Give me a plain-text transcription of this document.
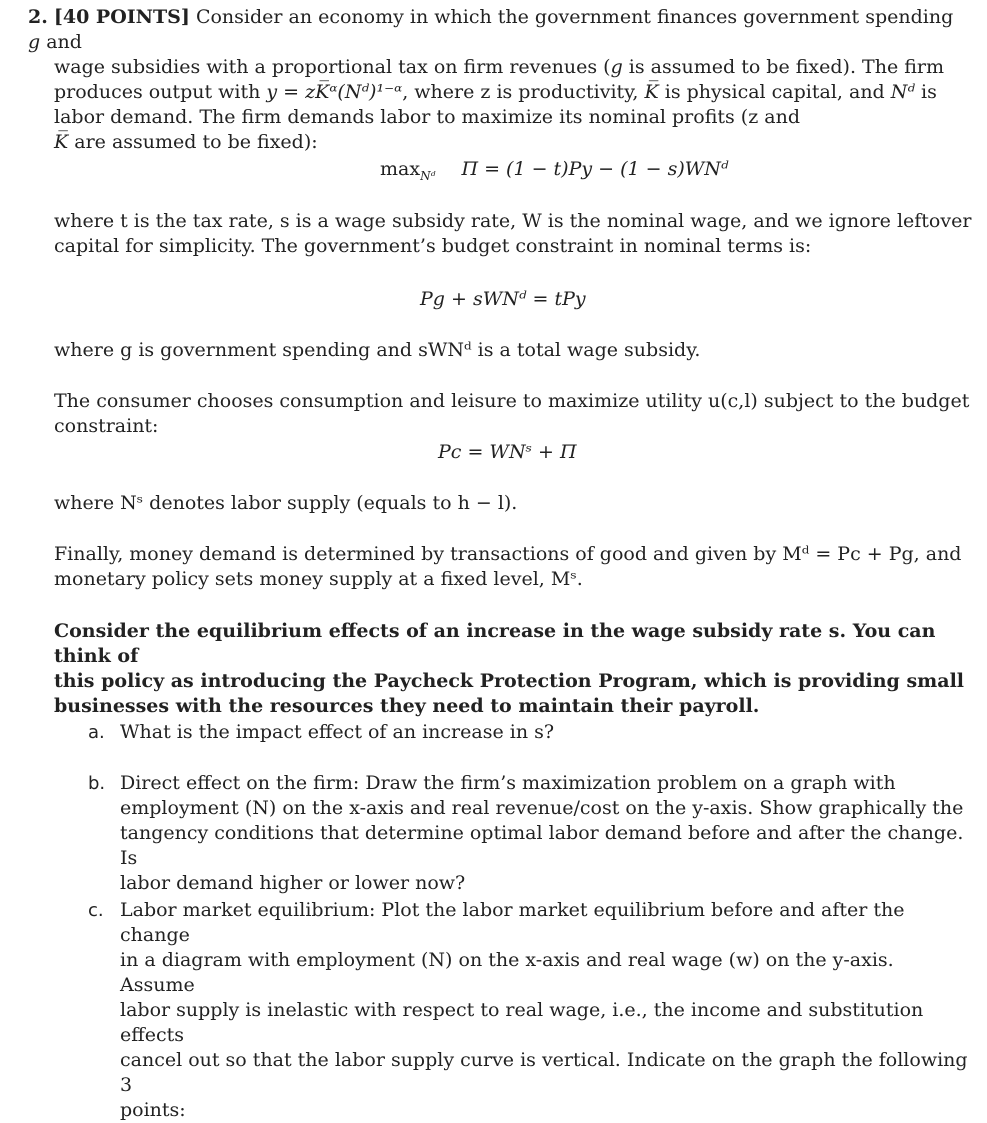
2. [40 POINTS] Consider an economy in which the government finances government spending g and
wage subsidies with a proportional tax on firm revenues (g is assumed to be fixed). The firm
produces output with y = zK̅ᵅ(Nᵈ)¹⁻ᵅ, where z is productivity, K̅ is physical capital, and Nᵈ is
labor demand. The firm demands labor to maximize its nominal profits (z and
K̅ are assumed to be fixed):
$\max_{Nᵈ} \Pi = (1 - t)Py - (1$ − s)WNᵈ
where t is the tax rate, s is a wage subsidy rate, W is the nominal wage, and we ignore leftover
capital for simplicity. The government’s budget constraint in nominal terms is:
Pg + sWNᵈ = tPy
where g is government spending and sWNᵈ is a total wage subsidy.
The consumer chooses consumption and leisure to maximize utility u(c,l) subject to the budget
constraint:
Pc = WNˢ + Π
where Nˢ denotes labor supply (equals to h − l).
Finally, money demand is determined by transactions of good and given by Mᵈ = Pc + Pg, and
monetary policy sets money supply at a fixed level, Mˢ.
Consider the equilibrium effects of an increase in the wage subsidy rate s. You can think of
this policy as introducing the Paycheck Protection Program, which is providing small
businesses with the resources they need to maintain their payroll.
a. What is the impact effect of an increase in s?
b. Direct effect on the firm: Draw the firm’s maximization problem on a graph with
employment (N) on the x-axis and real revenue/cost on the y-axis. Show graphically the
tangency conditions that determine optimal labor demand before and after the change. Is
labor demand higher or lower now?
c. Labor market equilibrium: Plot the labor market equilibrium before and after the change
in a diagram with employment (N) on the x-axis and real wage (w) on the y-axis. Assume
labor supply is inelastic with respect to real wage, i.e., the income and substitution effects
cancel out so that the labor supply curve is vertical. Indicate on the graph the following 3
points:
